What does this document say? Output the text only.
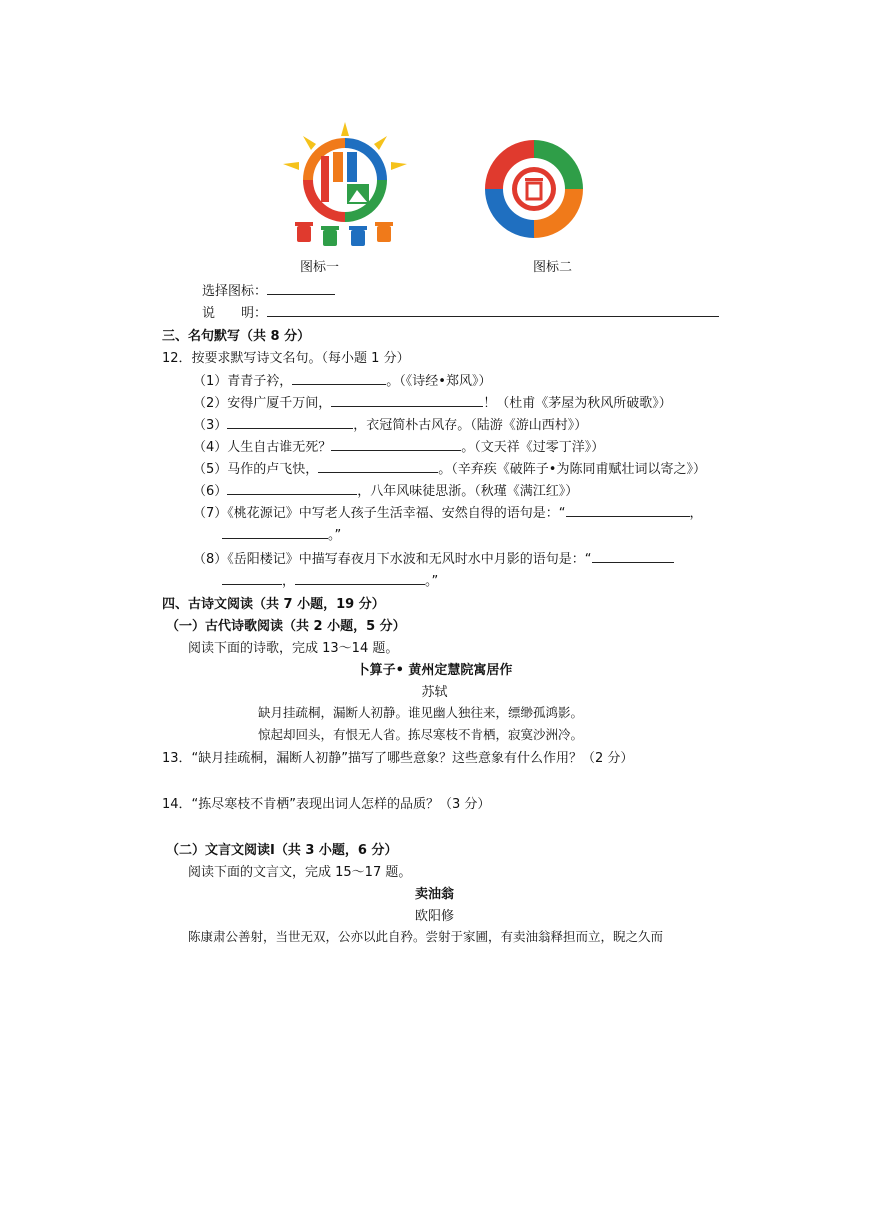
图标一	图标二
选择图标：
说　　明：
三、名句默写（共 8 分）
12．按要求默写诗文名句。（每小题 1 分）
（1）青青子衿，	。（《诗经•郑风》）
（2）安得广厦千万间，	！（杜甫《茅屋为秋风所破歌》）
（3）	，衣冠简朴古风存。（陆游《游山西村》）
（4）人生自古谁无死？	。（文天祥《过零丁洋》）
（5）马作的卢飞快，	。（辛弃疾《破阵子•为陈同甫赋壮词以寄之》）
（6）	，八年风味徒思浙。（秋瑾《满江红》）
（7）《桃花源记》中写老人孩子生活幸福、安然自得的语句是：“	，
。”
（8）《岳阳楼记》中描写春夜月下水波和无风时水中月影的语句是：“
，	。”
四、古诗文阅读（共 7 小题，19 分）
（一）古代诗歌阅读（共 2 小题，5 分）
阅读下面的诗歌，完成 13～14 题。
卜算子• 黄州定慧院寓居作
苏轼
缺月挂疏桐，漏断人初静。谁见幽人独往来，缥缈孤鸿影。
惊起却回头，有恨无人省。拣尽寒枝不肯栖，寂寞沙洲冷。
13．“缺月挂疏桐，漏断人初静”描写了哪些意象？这些意象有什么作用？（2 分）
14．“拣尽寒枝不肯栖”表现出词人怎样的品质？（3 分）
（二）文言文阅读Ⅰ（共 3 小题，6 分）
阅读下面的文言文，完成 15～17 题。
卖油翁
欧阳修
陈康肃公善射，当世无双，公亦以此自矜。尝射于家圃，有卖油翁释担而立，睨之久而
